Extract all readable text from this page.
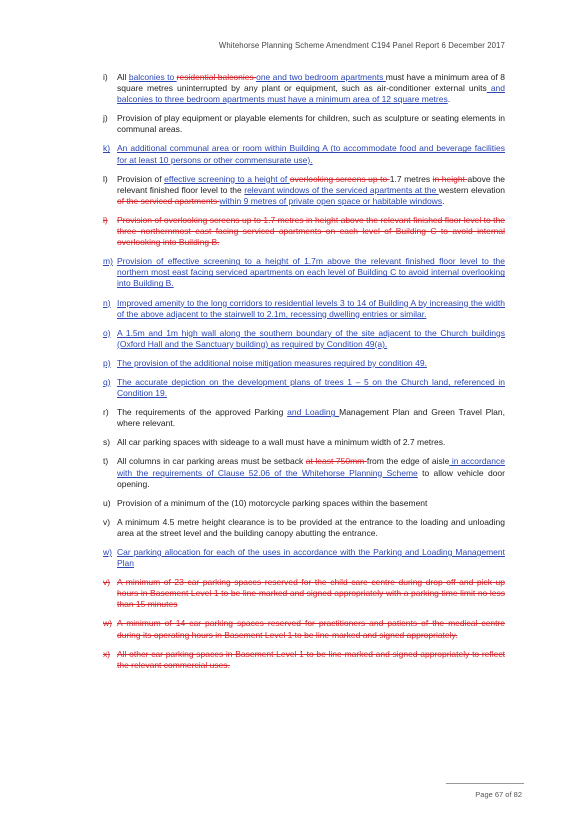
Whitehorse Planning Scheme Amendment C194 Panel Report 6 December 2017
i) All balconies to residential balconies one and two bedroom apartments must have a minimum area of 8 square metres uninterrupted by any plant or equipment, such as air-conditioner external units and balconies to three bedroom apartments must have a minimum area of 12 square metres.
j) Provision of play equipment or playable elements for children, such as sculpture or seating elements in communal areas.
k) An additional communal area or room within Building A (to accommodate food and beverage facilities for at least 10 persons or other commensurate use).
l) Provision of effective screening to a height of overlooking screens up to 1.7 metres in height above the relevant finished floor level to the relevant windows of the serviced apartments at the western elevation of the serviced apartments within 9 metres of private open space or habitable windows.
l) Provision of overlooking screens up to 1.7 metres in height above the relevant finished floor level to the three northernmost east facing serviced apartments on each level of Building C to avoid internal overlooking into Building B.
m) Provision of effective screening to a height of 1.7m above the relevant finished floor level to the northern most east facing serviced apartments on each level of Building C to avoid internal overlooking into Building B.
n) Improved amenity to the long corridors to residential levels 3 to 14 of Building A by increasing the width of the above adjacent to the stairwell to 2.1m, recessing dwelling entries or similar.
o) A 1.5m and 1m high wall along the southern boundary of the site adjacent to the Church buildings (Oxford Hall and the Sanctuary building) as required by Condition 49(a).
p) The provision of the additional noise mitigation measures required by condition 49.
q) The accurate depiction on the development plans of trees 1 – 5 on the Church land, referenced in Condition 19.
r) The requirements of the approved Parking and Loading Management Plan and Green Travel Plan, where relevant.
s) All car parking spaces with sideage to a wall must have a minimum width of 2.7 metres.
t) All columns in car parking areas must be setback at least 750mm from the edge of aisle in accordance with the requirements of Clause 52.06 of the Whitehorse Planning Scheme to allow vehicle door opening.
u) Provision of a minimum of the (10) motorcycle parking spaces within the basement
v) A minimum 4.5 metre height clearance is to be provided at the entrance to the loading and unloading area at the street level and the building canopy abutting the entrance.
w) Car parking allocation for each of the uses in accordance with the Parking and Loading Management Plan
v) A minimum of 23 car parking spaces reserved for the child care centre during drop off and pick up hours in Basement Level 1 to be line-marked and signed appropriately with a parking time limit no less than 15 minutes
w) A minimum of 14 car parking spaces reserved for practitioners and patients of the medical centre during its operating hours in Basement Level 1 to be line-marked and signed appropriately.
x) All other car parking spaces in Basement Level 1 to be line-marked and signed appropriately to reflect the relevant commercial uses.
Page 67 of 82
